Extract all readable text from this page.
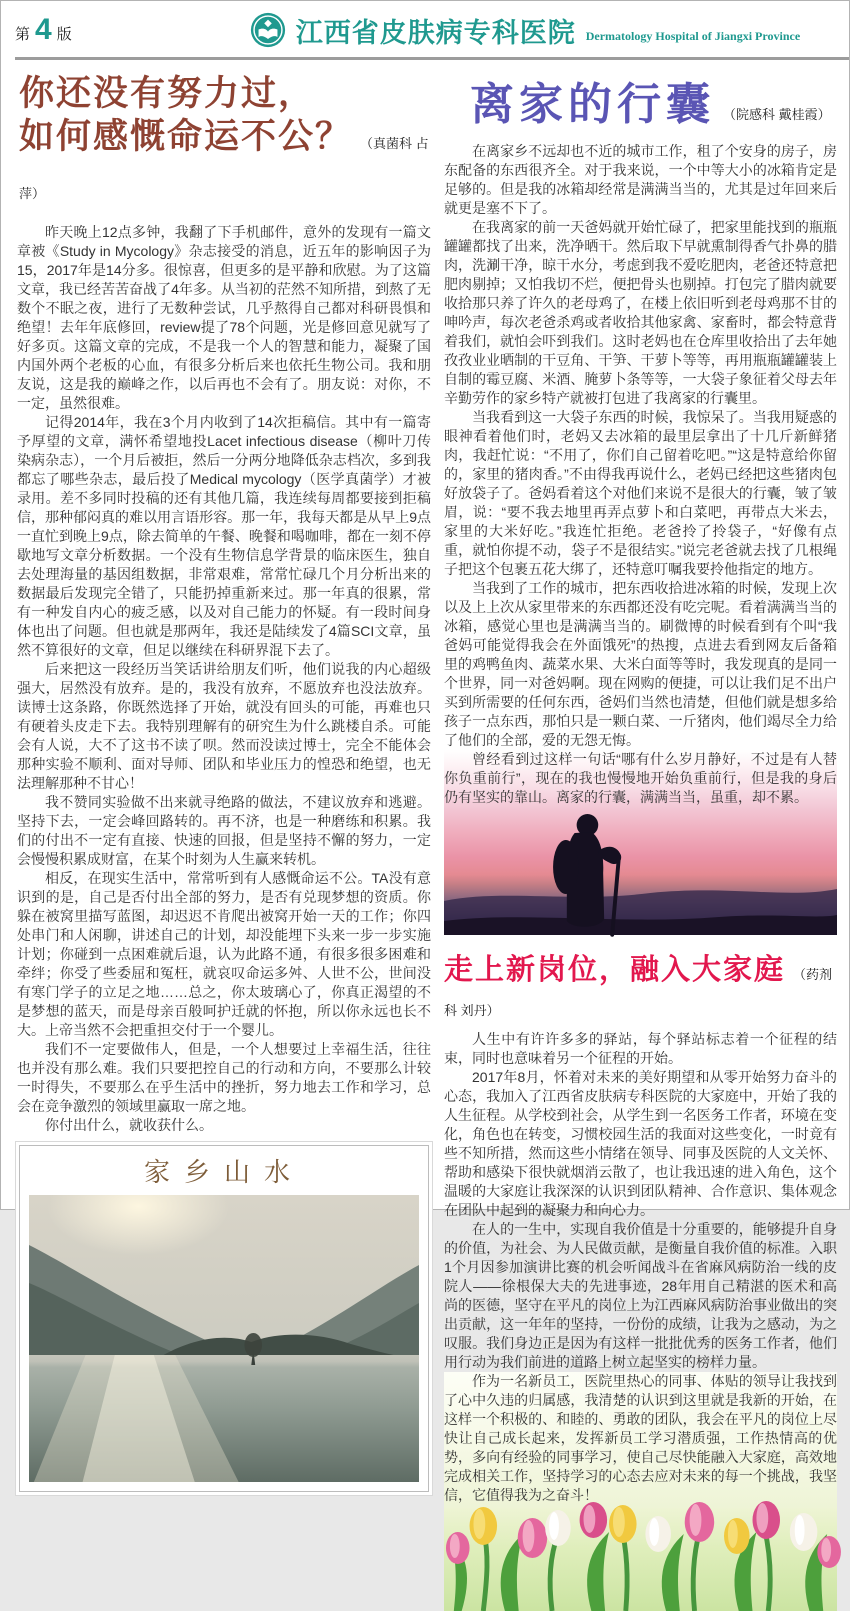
第 4 版	江西省皮肤病专科医院 Dermatology Hospital of Jiangxi Province
你还没有努力过，
如何感慨命运不公？ （真菌科 占萍）

昨天晚上12点多钟，我翻了下手机邮件，意外的发现有一篇文章被《Study in Mycology》杂志接受的消息，近五年的影响因子为15，2017年是14分多。很惊喜，但更多的是平静和欣慰。为了这篇文章，我已经苦苦奋战了4年多。从当初的茫然不知所措，到熬了无数个不眠之夜，进行了无数种尝试，几乎熬得自己都对科研畏惧和绝望！去年年底修回，review提了78个问题，光是修回意见就写了好多页。这篇文章的完成，不是我一个人的智慧和能力，凝聚了国内国外两个老板的心血，有很多分析后来也依托生物公司。我和朋友说，这是我的巅峰之作，以后再也不会有了。朋友说：对你，不一定，虽然很难。

记得2014年，我在3个月内收到了14次拒稿信。其中有一篇寄予厚望的文章，满怀希望地投Lacet infectious disease（柳叶刀传染病杂志），一个月后被拒，然后一分两分地降低杂志档次，多到我都忘了哪些杂志，最后投了Medical mycology（医学真菌学）才被录用。差不多同时投稿的还有其他几篇，我连续每周都要接到拒稿信，那种郁闷真的难以用言语形容。那一年，我每天都是从早上9点一直忙到晚上9点，除去简单的午餐、晚餐和喝咖啡，都在一刻不停歇地写文章分析数据。一个没有生物信息学背景的临床医生，独自去处理海量的基因组数据，非常艰难，常常忙碌几个月分析出来的数据最后发现完全错了，只能扔掉重新来过。那一年真的很累，常有一种发自内心的疲乏感，以及对自己能力的怀疑。有一段时间身体也出了问题。但也就是那两年，我还是陆续发了4篇SCI文章，虽然不算很好的文章，但足以继续在科研界混下去了。

后来把这一段经历当笑话讲给朋友们听，他们说我的内心超级强大，居然没有放弃。是的，我没有放弃，不愿放弃也没法放弃。读博士这条路，你既然选择了开始，就没有回头的可能，再难也只有硬着头皮走下去。我特别理解有的研究生为什么跳楼自杀。可能会有人说，大不了这书不读了呗。然而没读过博士，完全不能体会那种实验不顺利、面对导师、团队和毕业压力的惶恐和绝望，也无法理解那种不甘心！

我不赞同实验做不出来就寻绝路的做法，不建议放弃和逃避。坚持下去，一定会峰回路转的。再不济，也是一种磨练和积累。我们的付出不一定有直接、快速的回报，但是坚持不懈的努力，一定会慢慢积累成财富，在某个时刻为人生赢来转机。

相反，在现实生活中，常常听到有人感慨命运不公。TA没有意识到的是，自己是否付出全部的努力，是否有兑现梦想的资质。你躲在被窝里描写蓝图，却迟迟不肯爬出被窝开始一天的工作；你四处串门和人闲聊，讲述自己的计划，却没能埋下头来一步一步实施计划；你碰到一点困难就后退，认为此路不通，有很多很多困难和牵绊；你受了些委屈和冤枉，就哀叹命运多舛、人世不公，世间没有寒门学子的立足之地……总之，你太玻璃心了，你真正渴望的不是梦想的蓝天，而是母亲百般呵护迁就的怀抱，所以你永远也长不大。上帝当然不会把重担交付于一个婴儿。

我们不一定要做伟人，但是，一个人想要过上幸福生活，往往也并没有那么难。我们只要把控自己的行动和方向，不要那么计较一时得失，不要那么在乎生活中的挫折，努力地去工作和学习，总会在竞争激烈的领域里赢取一席之地。

你付出什么，就收获什么。

家乡山水
离家的行囊 （院感科 戴桂霞）

在离家乡不远却也不近的城市工作，租了个安身的房子，房东配备的东西很齐全。对于我来说，一个中等大小的冰箱肯定是足够的。但是我的冰箱却经常是满满当当的，尤其是过年回来后就更是塞不下了。

在我离家的前一天爸妈就开始忙碌了，把家里能找到的瓶瓶罐罐都找了出来，洗净晒干。然后取下早就熏制得香气扑鼻的腊肉，洗涮干净，晾干水分，考虑到我不爱吃肥肉，老爸还特意把肥肉剔掉；又怕我切不烂，便把骨头也剔掉。打包完了腊肉就要收拾那只养了许久的老母鸡了，在楼上依旧听到老母鸡那不甘的呻吟声，每次老爸杀鸡或者收拾其他家禽、家畜时，都会特意背着我们，就怕会吓到我们。这时老妈也在仓库里收拾出了去年她孜孜业业晒制的干豆角、干笋、干萝卜等等，再用瓶瓶罐罐装上自制的霉豆腐、米酒、腌萝卜条等等，一大袋子象征着父母去年辛勤劳作的家乡特产就被打包进了我离家的行囊里。

当我看到这一大袋子东西的时候，我惊呆了。当我用疑惑的眼神看着他们时，老妈又去冰箱的最里层拿出了十几斤新鲜猪肉，我赶忙说：“不用了，你们自己留着吃吧。”“这是特意给你留的，家里的猪肉香。”不由得我再说什么，老妈已经把这些猪肉包好放袋子了。爸妈看着这个对他们来说不是很大的行囊，皱了皱眉，说：“要不我去地里再弄点萝卜和白菜吧，再带点大米去，家里的大米好吃。”我连忙拒绝。老爸拎了拎袋子，“好像有点重，就怕你提不动，袋子不是很结实。”说完老爸就去找了几根绳子把这个包裹五花大绑了，还特意叮嘱我要拎他指定的地方。

当我到了工作的城市，把东西收拾进冰箱的时候，发现上次以及上上次从家里带来的东西都还没有吃完呢。看着满满当当的冰箱，感觉心里也是满满当当的。刷微博的时候看到有个叫“我爸妈可能觉得我会在外面饿死”的热搜，点进去看到网友后备箱里的鸡鸭鱼肉、蔬菜水果、大米白面等等时，我发现真的是同一个世界，同一对爸妈啊。现在网购的便捷，可以让我们足不出户买到所需要的任何东西，爸妈们当然也清楚，但他们就是想多给孩子一点东西，那怕只是一颗白菜、一斤猪肉，他们竭尽全力给了他们的全部，爱的无怨无悔。

曾经看到过这样一句话“哪有什么岁月静好，不过是有人替你负重前行”，现在的我也慢慢地开始负重前行，但是我的身后仍有坚实的靠山。离家的行囊，满满当当，虽重，却不累。

走上新岗位，融入大家庭 （药剂科 刘丹）

人生中有许许多多的驿站，每个驿站标志着一个征程的结束，同时也意味着另一个征程的开始。

2017年8月，怀着对未来的美好期望和从零开始努力奋斗的心态，我加入了江西省皮肤病专科医院的大家庭中，开始了我的人生征程。从学校到社会，从学生到一名医务工作者，环境在变化，角色也在转变，习惯校园生活的我面对这些变化，一时竟有些不知所措，然而这些小情绪在领导、同事及医院的人文关怀、帮助和感染下很快就烟消云散了，也让我迅速的进入角色，这个温暖的大家庭让我深深的认识到团队精神、合作意识、集体观念在团队中起到的凝聚力和向心力。

在人的一生中，实现自我价值是十分重要的，能够提升自身的价值，为社会、为人民做贡献，是衡量自我价值的标准。入职1个月因参加演讲比赛的机会听闻战斗在省麻风病防治一线的皮院人——徐根保大夫的先进事迹，28年用自己精湛的医术和高尚的医德，坚守在平凡的岗位上为江西麻风病防治事业做出的突出贡献，这一年年的坚持，一份份的成绩，让我为之感动，为之叹服。我们身边正是因为有这样一批批优秀的医务工作者，他们用行动为我们前进的道路上树立起坚实的榜样力量。

作为一名新员工，医院里热心的同事、体贴的领导让我找到了心中久违的归属感，我清楚的认识到这里就是我新的开始，在这样一个积极的、和睦的、勇敢的团队，我会在平凡的岗位上尽快让自己成长起来，发挥新员工学习潜质强，工作热情高的优势，多向有经验的同事学习，使自己尽快能融入大家庭，高效地完成相关工作，坚持学习的心态去应对未来的每一个挑战，我坚信，它值得我为之奋斗！
